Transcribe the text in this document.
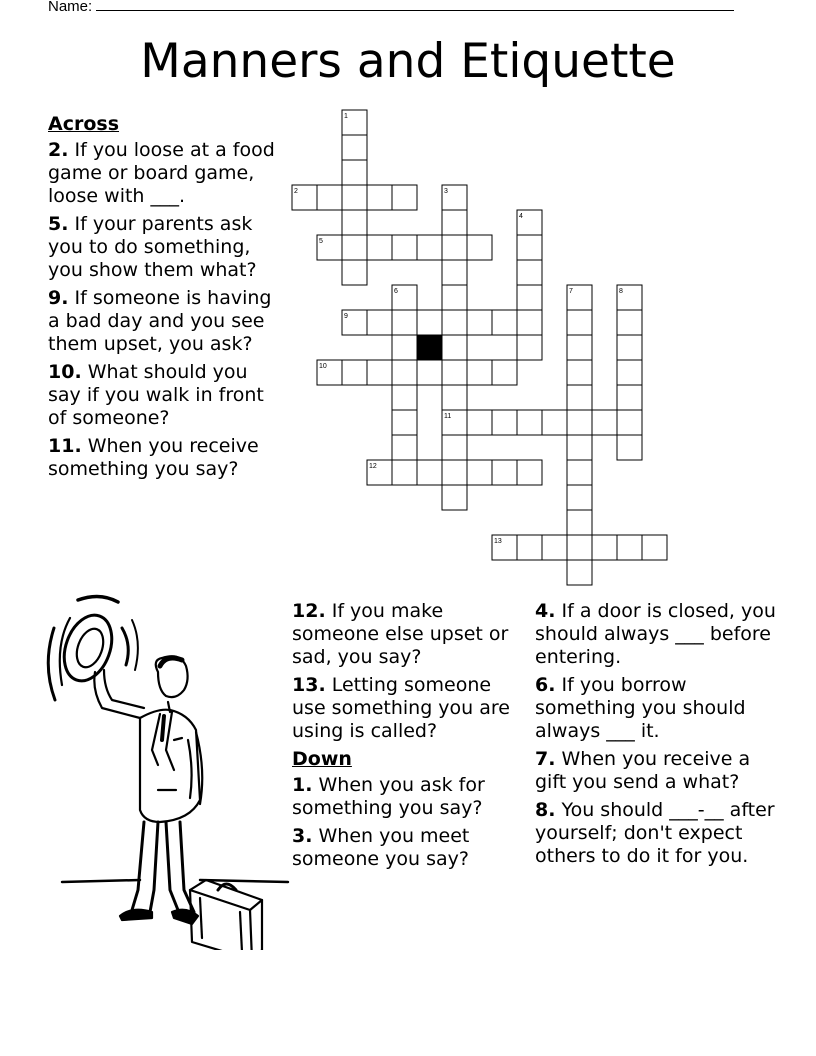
Name:
Manners and Etiquette
1
2	3
4
5
6	7	8
9
10
11
12
13
Across
2. If you loose at a food game or board game, loose with ___.
5. If your parents ask you to do something, you show them what?
9. If someone is having a bad day and you see them upset, you ask?
10. What should you say if you walk in front of someone?
11. When you receive something you say?
12. If you make someone else upset or sad, you say?
13. Letting someone use something you are using is called?
Down
1. When you ask for something you say?
3. When you meet someone you say?
4. If a door is closed, you should always ___ before entering.
6. If you borrow something you should always ___ it.
7. When you receive a gift you send a what?
8. You should ___-__ after yourself; don't expect others to do it for you.
